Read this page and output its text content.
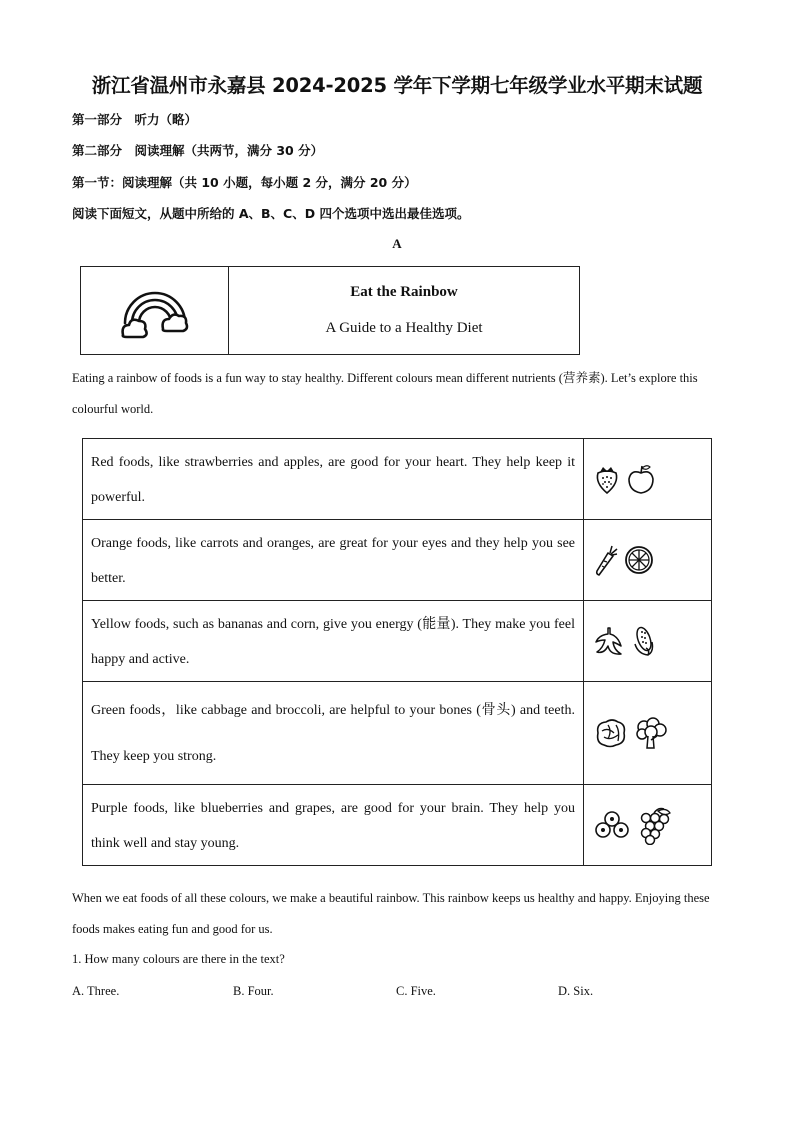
浙江省温州市永嘉县 2024-2025 学年下学期七年级学业水平期末试题
第一部分　听力（略）
第二部分　阅读理解（共两节，满分 30 分）
第一节：阅读理解（共 10 小题，每小题 2 分，满分 20 分）
阅读下面短文，从题中所给的 A、B、C、D 四个选项中选出最佳选项。
A
Eat the Rainbow
A Guide to a Healthy Diet
Eating a rainbow of foods is a fun way to stay healthy. Different colours mean different nutrients (营养素). Let’s explore this colourful world.
Red foods, like strawberries and apples, are good for your heart. They help keep it powerful.	

Orange foods, like carrots and oranges, are great for your eyes and they help you see better.	

Yellow foods, such as bananas and corn, give you energy (能量). They make you feel happy and active.	

Green foods，like cabbage and broccoli, are helpful to your bones (骨头) and teeth. They keep you strong.	

Purple foods, like blueberries and grapes, are good for your brain. They help you think well and stay young.	
When we eat foods of all these colours, we make a beautiful rainbow. This rainbow keeps us healthy and happy. Enjoying these foods makes eating fun and good for us.
1. How many colours are there in the text?
A. Three.	B. Four.	C. Five.	D. Six.
